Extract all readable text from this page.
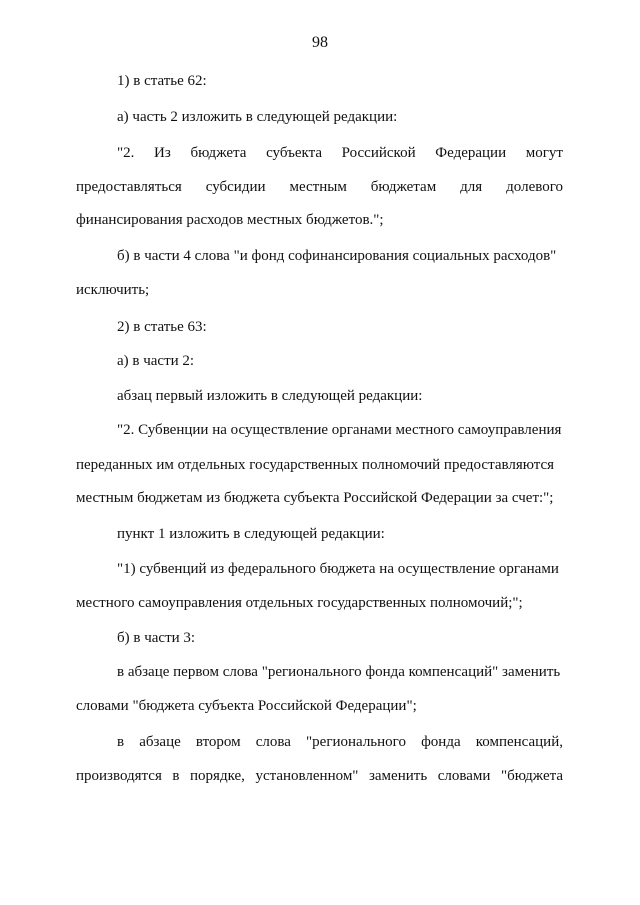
98
1) в статье 62:
а) часть 2 изложить в следующей редакции:
"2. Из бюджета субъекта Российской Федерации могут
предоставляться субсидии местным бюджетам для долевого
финансирования расходов местных бюджетов.";
б) в части 4 слова "и фонд софинансирования социальных расходов"
исключить;
2) в статье 63:
а) в части 2:
абзац первый изложить в следующей редакции:
"2. Субвенции на осуществление органами местного самоуправления
переданных им отдельных государственных полномочий предоставляются
местным бюджетам из бюджета субъекта Российской Федерации за счет:";
пункт 1 изложить в следующей редакции:
"1) субвенций из федерального бюджета на осуществление органами
местного самоуправления отдельных государственных полномочий;";
б) в части 3:
в абзаце первом слова "регионального фонда компенсаций" заменить
словами "бюджета субъекта Российской Федерации";
в абзаце втором слова "регионального фонда компенсаций,
производятся в порядке, установленном" заменить словами "бюджета
